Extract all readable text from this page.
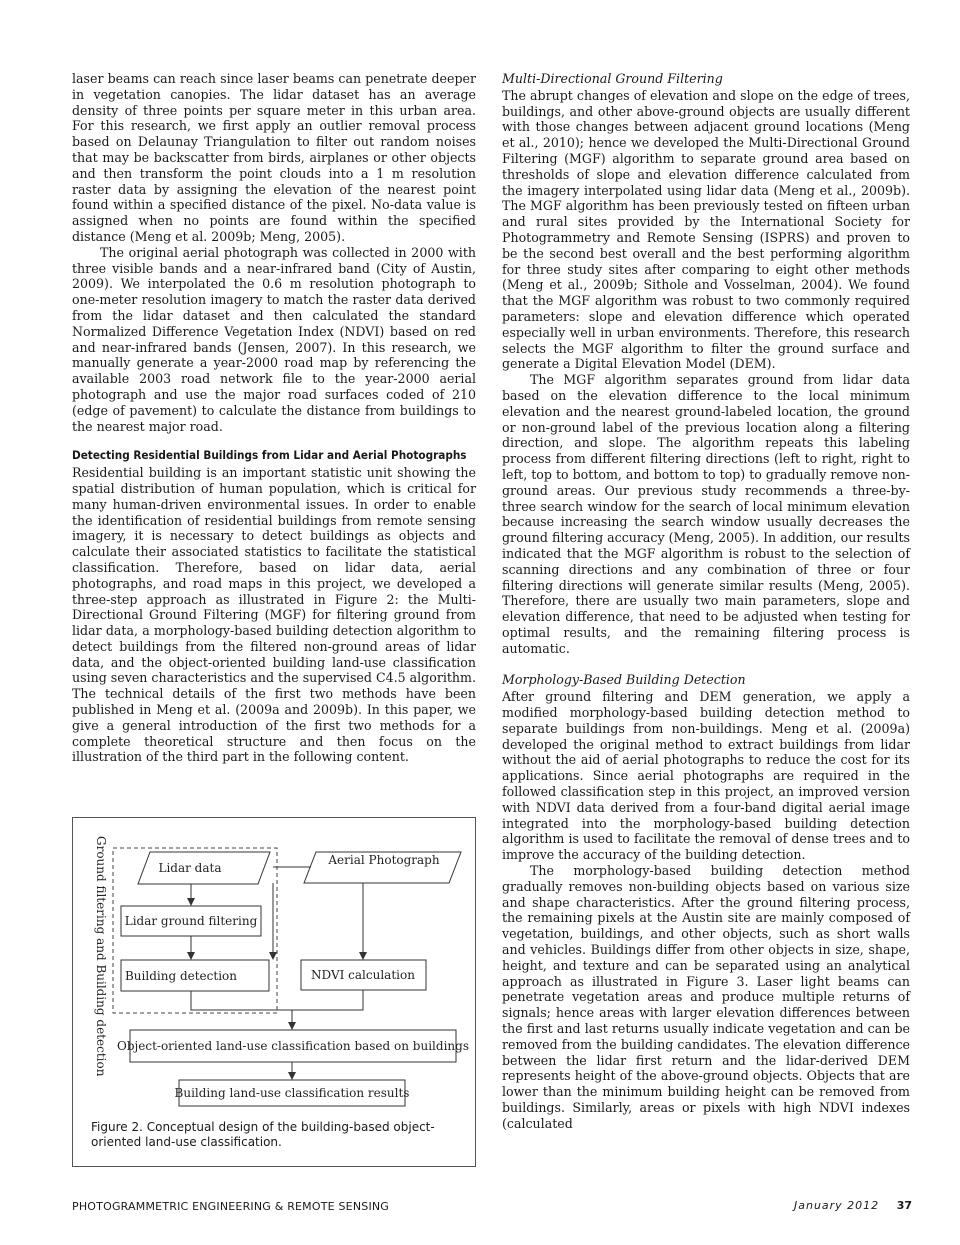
laser beams can reach since laser beams can penetrate deeper in vegetation canopies. The lidar dataset has an average density of three points per square meter in this urban area. For this research, we first apply an outlier removal process based on Delaunay Triangulation to filter out random noises that may be backscatter from birds, airplanes or other objects and then transform the point clouds into a 1 m resolution raster data by assigning the elevation of the nearest point found within a specified distance of the pixel. No-data value is assigned when no points are found within the specified distance (Meng et al. 2009b; Meng, 2005).

The original aerial photograph was collected in 2000 with three visible bands and a near-infrared band (City of Austin, 2009). We interpolated the 0.6 m resolution photograph to one-meter resolution imagery to match the raster data derived from the lidar dataset and then calculated the standard Normalized Difference Vegetation Index (NDVI) based on red and near-infrared bands (Jensen, 2007). In this research, we manually generate a year-2000 road map by referencing the available 2003 road network file to the year-2000 aerial photograph and use the major road surfaces coded of 210 (edge of pavement) to calculate the distance from buildings to the nearest major road.

Detecting Residential Buildings from Lidar and Aerial Photographs

Residential building is an important statistic unit showing the spatial distribution of human population, which is critical for many human-driven environmental issues. In order to enable the identification of residential buildings from remote sensing imagery, it is necessary to detect buildings as objects and calculate their associated statistics to facilitate the statistical classification. Therefore, based on lidar data, aerial photographs, and road maps in this project, we developed a three-step approach as illustrated in Figure 2: the Multi-Directional Ground Filtering (MGF) for filtering ground from lidar data, a morphology-based building detection algorithm to detect buildings from the filtered non-ground areas of lidar data, and the object-oriented building land-use classification using seven characteristics and the supervised C4.5 algorithm. The technical details of the first two methods have been published in Meng et al. (2009a and 2009b). In this paper, we give a general introduction of the first two methods for a complete theoretical structure and then focus on the illustration of the third part in the following content.

Ground filtering and Building detection	Lidar data
Aerial Photograph
Lidar ground filtering
Building detection	NDVI calculation
Object-oriented land-use classification based on buildings
Building land-use classification results
Figure 2. Conceptual design of the building-based object-oriented land-use classification.
Multi-Directional Ground Filtering

The abrupt changes of elevation and slope on the edge of trees, buildings, and other above-ground objects are usually different with those changes between adjacent ground locations (Meng et al., 2010); hence we developed the Multi-Directional Ground Filtering (MGF) algorithm to separate ground area based on thresholds of slope and elevation difference calculated from the imagery interpolated using lidar data (Meng et al., 2009b). The MGF algorithm has been previously tested on fifteen urban and rural sites provided by the International Society for Photogrammetry and Remote Sensing (ISPRS) and proven to be the second best overall and the best performing algorithm for three study sites after comparing to eight other methods (Meng et al., 2009b; Sithole and Vosselman, 2004). We found that the MGF algorithm was robust to two commonly required parameters: slope and elevation difference which operated especially well in urban environments. Therefore, this research selects the MGF algorithm to filter the ground surface and generate a Digital Elevation Model (DEM).

The MGF algorithm separates ground from lidar data based on the elevation difference to the local minimum elevation and the nearest ground-labeled location, the ground or non-ground label of the previous location along a filtering direction, and slope. The algorithm repeats this labeling process from different filtering directions (left to right, right to left, top to bottom, and bottom to top) to gradually remove non-ground areas. Our previous study recommends a three-by-three search window for the search of local minimum elevation because increasing the search window usually decreases the ground filtering accuracy (Meng, 2005). In addition, our results indicated that the MGF algorithm is robust to the selection of scanning directions and any combination of three or four filtering directions will generate similar results (Meng, 2005). Therefore, there are usually two main parameters, slope and elevation difference, that need to be adjusted when testing for optimal results, and the remaining filtering process is automatic.

Morphology-Based Building Detection

After ground filtering and DEM generation, we apply a modified morphology-based building detection method to separate buildings from non-buildings. Meng et al. (2009a) developed the original method to extract buildings from lidar without the aid of aerial photographs to reduce the cost for its applications. Since aerial photographs are required in the followed classification step in this project, an improved version with NDVI data derived from a four-band digital aerial image integrated into the morphology-based building detection algorithm is used to facilitate the removal of dense trees and to improve the accuracy of the building detection.

The morphology-based building detection method gradually removes non-building objects based on various size and shape characteristics. After the ground filtering process, the remaining pixels at the Austin site are mainly composed of vegetation, buildings, and other objects, such as short walls and vehicles. Buildings differ from other objects in size, shape, height, and texture and can be separated using an analytical approach as illustrated in Figure 3. Laser light beams can penetrate vegetation areas and produce multiple returns of signals; hence areas with larger elevation differences between the first and last returns usually indicate vegetation and can be removed from the building candidates. The elevation difference between the lidar first return and the lidar-derived DEM represents height of the above-ground objects. Objects that are lower than the minimum building height can be removed from buildings. Similarly, areas or pixels with high NDVI indexes (calculated

PHOTOGRAMMETRIC ENGINEERING & REMOTE SENSING	January 2012 37
